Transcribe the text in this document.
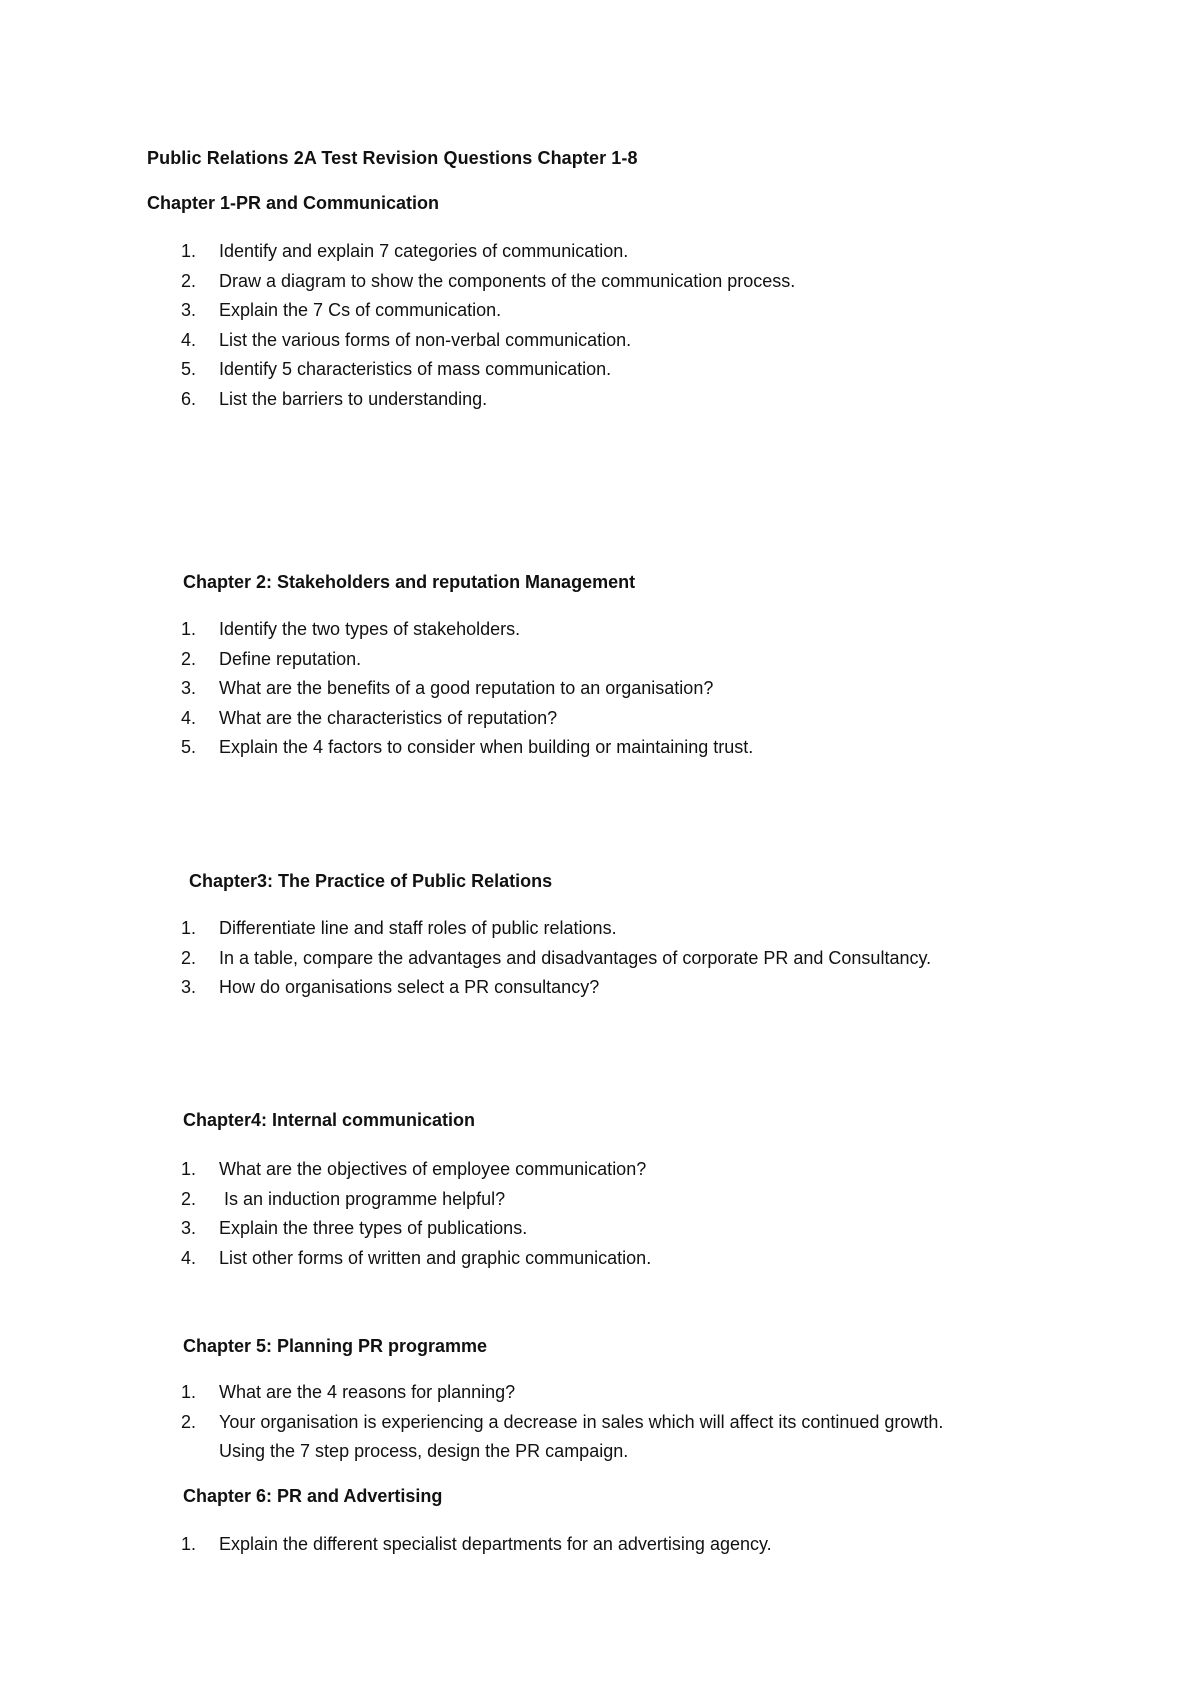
Public Relations 2A Test Revision Questions Chapter 1-8
Chapter 1-PR and Communication
1.	Identify and explain 7 categories of communication.
2.	Draw a diagram to show the components of the communication process.
3.	Explain the 7 Cs of communication.
4.	List the various forms of non-verbal communication.
5.	Identify 5 characteristics of mass communication.
6.	List the barriers to understanding.
Chapter 2: Stakeholders and reputation Management
1.	Identify the two types of stakeholders.
2.	Define reputation.
3.	What are the benefits of a good reputation to an organisation?
4.	What are the characteristics of reputation?
5.	Explain the 4 factors to consider when building or maintaining trust.
Chapter3: The Practice of Public Relations
1.	Differentiate line and staff roles of public relations.
2.	In a table, compare the advantages and disadvantages of corporate PR and Consultancy.
3.	How do organisations select a PR consultancy?
Chapter4: Internal communication
1.	What are the objectives of employee communication?
2.	Is an induction programme helpful?
3.	Explain the three types of publications.
4.	List other forms of written and graphic communication.
Chapter 5: Planning PR programme
1.	What are the 4 reasons for planning?
2.	Your organisation is experiencing a decrease in sales which will affect its continued growth.
Using the 7 step process, design the PR campaign.
Chapter 6: PR and Advertising
1.	Explain the different specialist departments for an advertising agency.
